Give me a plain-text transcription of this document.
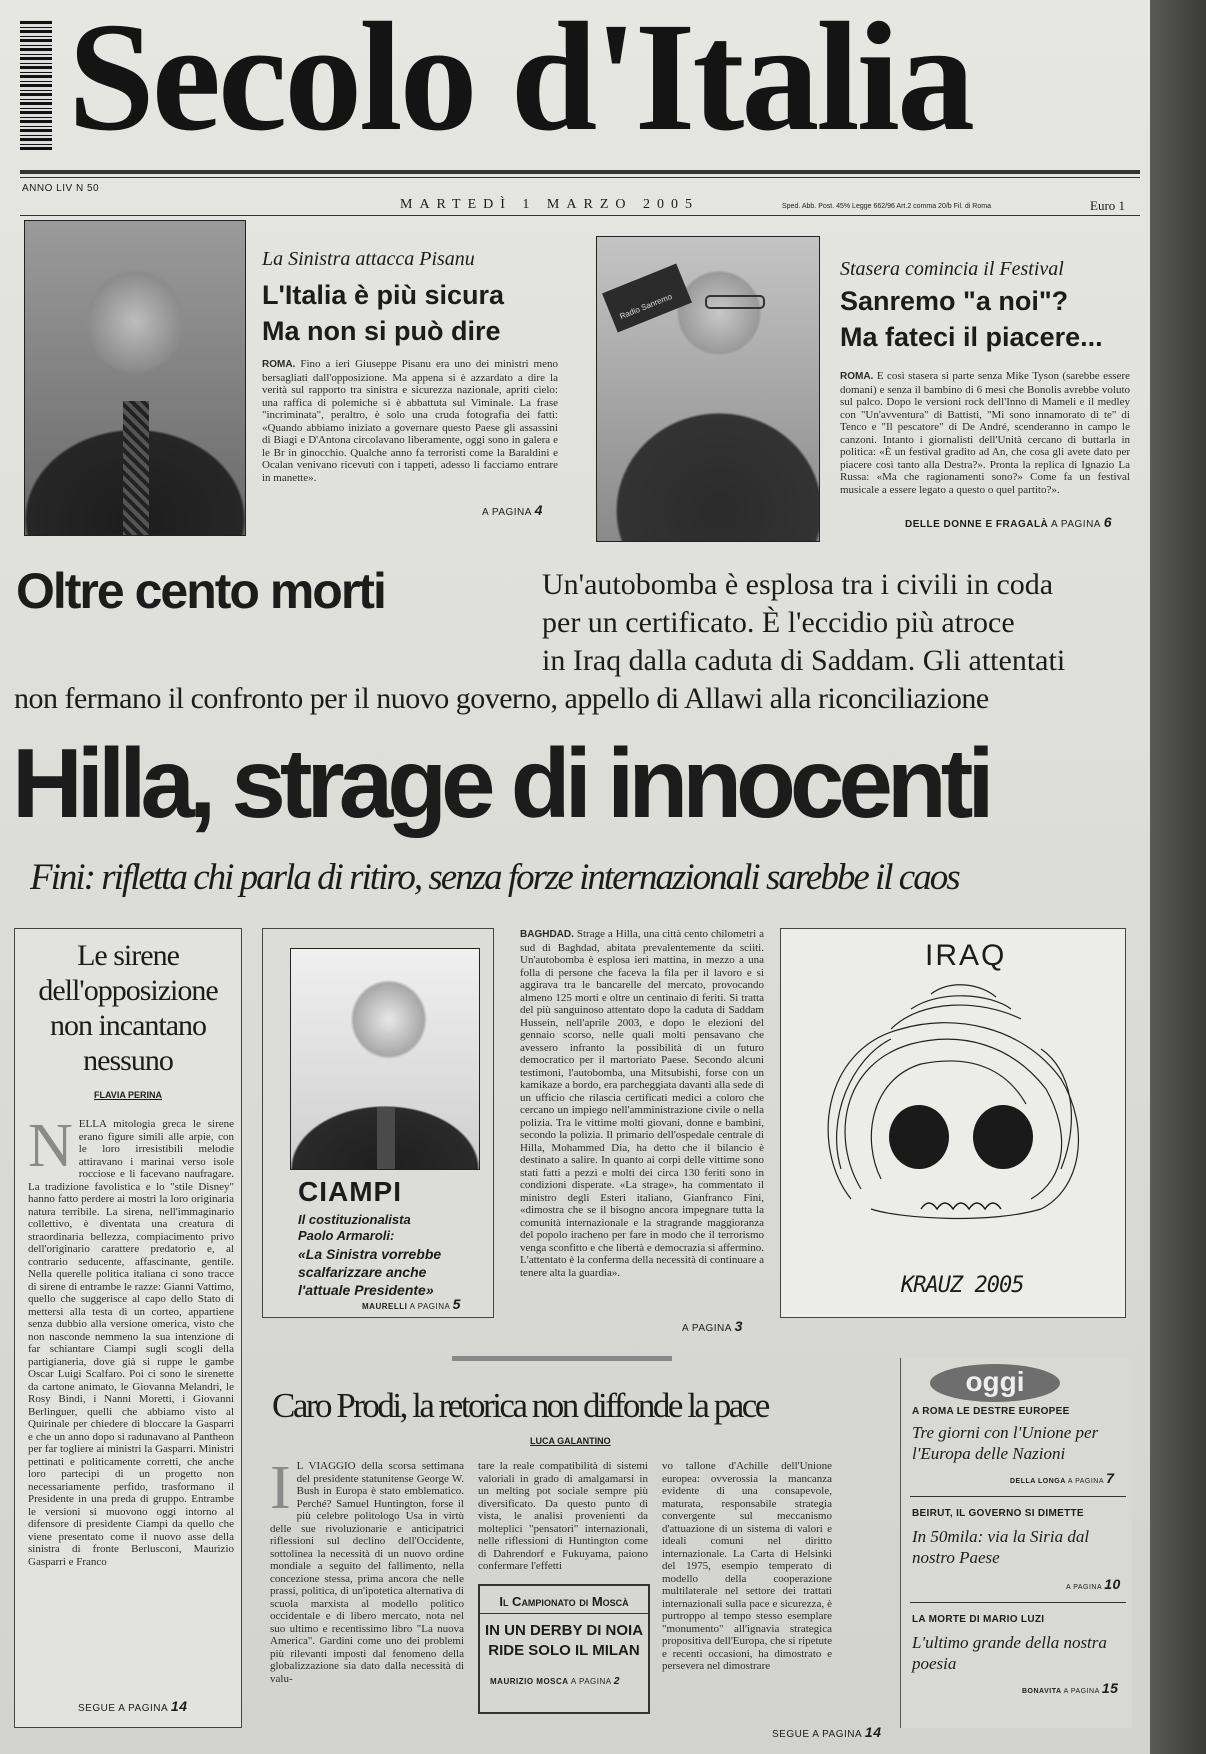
Secolo d'Italia
ANNO LIV N 50
MARTEDÌ 1 MARZO 2005	Sped. Abb. Post. 45% Legge 662/96 Art.2 comma 20/b Fil. di Roma	Euro 1
La Sinistra attacca Pisanu
L'Italia è più sicura
Ma non si può dire
ROMA. Fino a ieri Giuseppe Pisanu era uno dei ministri meno bersagliati dall'opposizione. Ma appena si è azzardato a dire la verità sul rapporto tra sinistra e sicurezza nazionale, apriti cielo: una raffica di polemiche si è abbattuta sul Viminale. La frase "incriminata", peraltro, è solo una cruda fotografia dei fatti: «Quando abbiamo iniziato a governare questo Paese gli assassini di Biagi e D'Antona circolavano liberamente, oggi sono in galera e le Br in ginocchio. Qualche anno fa terroristi come la Baraldini e Ocalan venivano ricevuti con i tappeti, adesso li facciamo entrare in manette».
A PAGINA 4
Radio Sanremo
Stasera comincia il Festival
Sanremo "a noi"?
Ma fateci il piacere...
ROMA. E così stasera si parte senza Mike Tyson (sarebbe essere domani) e senza il bambino di 6 mesi che Bonolis avrebbe voluto sul palco. Dopo le versioni rock dell'Inno di Mameli e il medley con "Un'avventura" di Battisti, "Mi sono innamorato di te" di Tenco e "Il pescatore" di De André, scenderanno in campo le canzoni. Intanto i giornalisti dell'Unità cercano di buttarla in politica: «È un festival gradito ad An, che cosa gli avete dato per piacere così tanto alla Destra?». Pronta la replica di Ignazio La Russa: «Ma che ragionamenti sono?» Come fa un festival musicale a essere legato a questo o quel partito?».
DELLE DONNE E FRAGALÀ A PAGINA 6
Oltre cento morti	Un'autobomba è esplosa tra i civili in coda
per un certificato. È l'eccidio più atroce
in Iraq dalla caduta di Saddam. Gli attentati
non fermano il confronto per il nuovo governo, appello di Allawi alla riconciliazione
Hilla, strage di innocenti
Fini: rifletta chi parla di ritiro, senza forze internazionali sarebbe il caos
Le sirene dell'opposizione non incantano nessuno
FLAVIA PERINA
N ELLA mitologia greca le sirene erano figure simili alle arpie, con le loro irresistibili melodie attiravano i marinai verso isole rocciose e li facevano naufragare. La tradizione favolistica e lo "stile Disney" hanno fatto perdere ai mostri la loro originaria natura terribile. La sirena, nell'immaginario collettivo, è diventata una creatura di straordinaria bellezza, compiacimento privo dell'originario carattere predatorio e, al contrario seducente, affascinante, gentile. Nella querelle politica italiana ci sono tracce di sirene di entrambe le razze: Gianni Vattimo, quello che suggerisce al capo dello Stato di mettersi alla testa di un corteo, appartiene senza dubbio alla versione omerica, visto che non nasconde nemmeno la sua intenzione di far schiantare Ciampi sugli scogli della partigianeria, dove già si ruppe le gambe Oscar Luigi Scalfaro. Poi ci sono le sirenette da cartone animato, le Giovanna Melandri, le Rosy Bindi, i Nanni Moretti, i Giovanni Berlinguer, quelli che abbiamo visto al Quirinale per chiedere di bloccare la Gasparri e che un anno dopo si radunavano al Pantheon per far togliere ai ministri la Gasparri. Ministri pettinati e politicamente corretti, che anche loro partecipi di un progetto non necessariamente perfido, trasformano il Presidente in una preda di gruppo. Entrambe le versioni si muovono oggi intorno al difensore di presidente Ciampi da quello che viene presentato come il nuovo asse della sinistra di fronte Berlusconi, Maurizio Gasparri e Franco
SEGUE A PAGINA 14
CIAMPI
Il costituzionalista
Paolo Armaroli:
«La Sinistra vorrebbe
scalfarizzare anche
l'attuale Presidente»
MAURELLI A PAGINA 5
BAGHDAD. Strage a Hilla, una città cento chilometri a sud di Baghdad, abitata prevalentemente da sciiti. Un'autobomba è esplosa ieri mattina, in mezzo a una folla di persone che faceva la fila per il lavoro e si aggirava tra le bancarelle del mercato, provocando almeno 125 morti e oltre un centinaio di feriti. Si tratta del più sanguinoso attentato dopo la caduta di Saddam Hussein, nell'aprile 2003, e dopo le elezioni del gennaio scorso, nelle quali molti pensavano che avessero infranto la possibilità di un futuro democratico per il martoriato Paese. Secondo alcuni testimoni, l'autobomba, una Mitsubishi, forse con un kamikaze a bordo, era parcheggiata davanti alla sede di un ufficio che rilascia certificati medici a coloro che cercano un impiego nell'amministrazione civile o nella polizia. Tra le vittime molti giovani, donne e bambini, secondo la polizia. Il primario dell'ospedale centrale di Hilla, Mohammed Dia, ha detto che il bilancio è destinato a salire. In quanto ai corpi delle vittime sono stati fatti a pezzi e molti dei circa 130 feriti sono in condizioni disperate. «La strage», ha commentato il ministro degli Esteri italiano, Gianfranco Fini, «dimostra che se il bisogno ancora impegnare tutta la comunità internazionale e la stragrande maggioranza del popolo iracheno per fare in modo che il terrorismo venga sconfitto e che libertà e democrazia si affermino. L'attentato è la conferma della necessità di continuare a tenere alta la guardia».
A PAGINA 3
IRAQ
KRAUZ 2005
Caro Prodi, la retorica non diffonde la pace
LUCA GALANTINO
I L VIAGGIO della scorsa settimana del presidente statunitense George W. Bush in Europa è stato emblematico. Perché? Samuel Huntington, forse il più celebre politologo Usa in virtù delle sue rivoluzionarie e anticipatrici riflessioni sul declino dell'Occidente, sottolinea la necessità di un nuovo ordine mondiale a seguito del fallimento, nella concezione stessa, prima ancora che nelle prassi, politica, di un'ipotetica alternativa di scuola marxista al modello politico occidentale e di libero mercato, nota nel suo ultimo e recentissimo libro "La nuova America". Gardini come uno dei problemi più rilevanti imposti dal fenomeno della globalizzazione sia dato dalla necessità di valu-
tare la reale compatibilità di sistemi valoriali in grado di amalgamarsi in un melting pot sociale sempre più diversificato. Da questo punto di vista, le analisi provenienti da molteplici "pensatori" internazionali, nelle riflessioni di Huntington come di Dahrendorf e Fukuyama, paiono confermare l'effetti
vo tallone d'Achille dell'Unione europea: ovverossia la mancanza evidente di una consapevole, maturata, responsabile strategia convergente sul meccanismo d'attuazione di un sistema di valori e ideali comuni nel diritto internazionale. La Carta di Helsinki del 1975, esempio temperato di modello della cooperazione multilaterale nel settore dei trattati internazionali sulla pace e sicurezza, è purtroppo al tempo stesso esemplare "monumento" all'ignavia strategica propositiva dell'Europa, che si ripetute e recenti occasioni, ha dimostrato e persevera nel dimostrare
SEGUE A PAGINA 14
Il Campionato di Moscà
IN UN DERBY DI NOIA
RIDE SOLO IL MILAN
MAURIZIO MOSCA A PAGINA 2
oggi
A ROMA LE DESTRE EUROPEE
Tre giorni con l'Unione per l'Europa delle Nazioni
DELLA LONGA A PAGINA 7
BEIRUT, IL GOVERNO SI DIMETTE
In 50mila: via la Siria dal nostro Paese
A PAGINA 10
LA MORTE DI MARIO LUZI
L'ultimo grande della nostra poesia
BONAVITA A PAGINA 15
